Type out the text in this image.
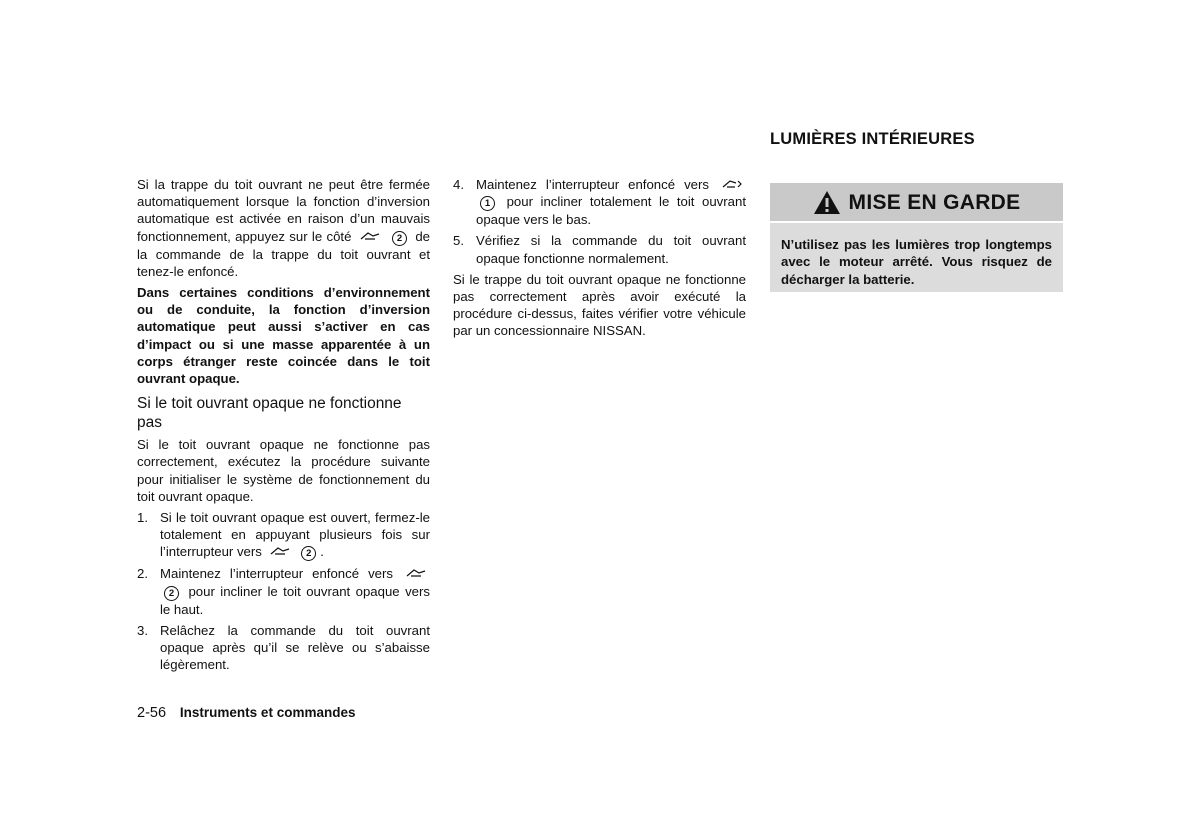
Si la trappe du toit ouvrant ne peut être fermée automatiquement lorsque la fonction d’inversion automatique est activée en raison d’un mauvais fonctionnement, appuyez sur le côté	2 de la commande de la trappe du toit ouvrant et tenez-le enfoncé.

Dans certaines conditions d’environnement ou de conduite, la fonction d’inversion automatique peut aussi s’activer en cas d’impact ou si une masse apparentée à un corps étranger reste coincée dans le toit ouvrant opaque.

Si le toit ouvrant opaque ne fonctionne pas

Si le toit ouvrant opaque ne fonctionne pas correctement, exécutez la procédure suivante pour initialiser le système de fonctionnement du toit ouvrant opaque.

1. Si le toit ouvrant opaque est ouvert, fermez-le totalement en appuyant plusieurs fois sur l’interrupteur vers	2 .
2. Maintenez l’interrupteur enfoncé vers  2 pour incliner le toit ouvrant opaque vers le haut.
3. Relâchez la commande du toit ouvrant opaque après qu’il se relève ou s’abaisse légèrement.
4. Maintenez l’interrupteur enfoncé vers  1 pour incliner totalement le toit ouvrant opaque vers le bas.
5. Vérifiez si la commande du toit ouvrant opaque fonctionne normalement.

Si le trappe du toit ouvrant opaque ne fonctionne pas correctement après avoir exécuté la procédure ci-dessus, faites vérifier votre véhicule par un concessionnaire NISSAN.

LUMIÈRES INTÉRIEURES
MISE EN GARDE
N’utilisez pas les lumières trop longtemps avec le moteur arrêté. Vous risquez de décharger la batterie.
2-56 Instruments et commandes
